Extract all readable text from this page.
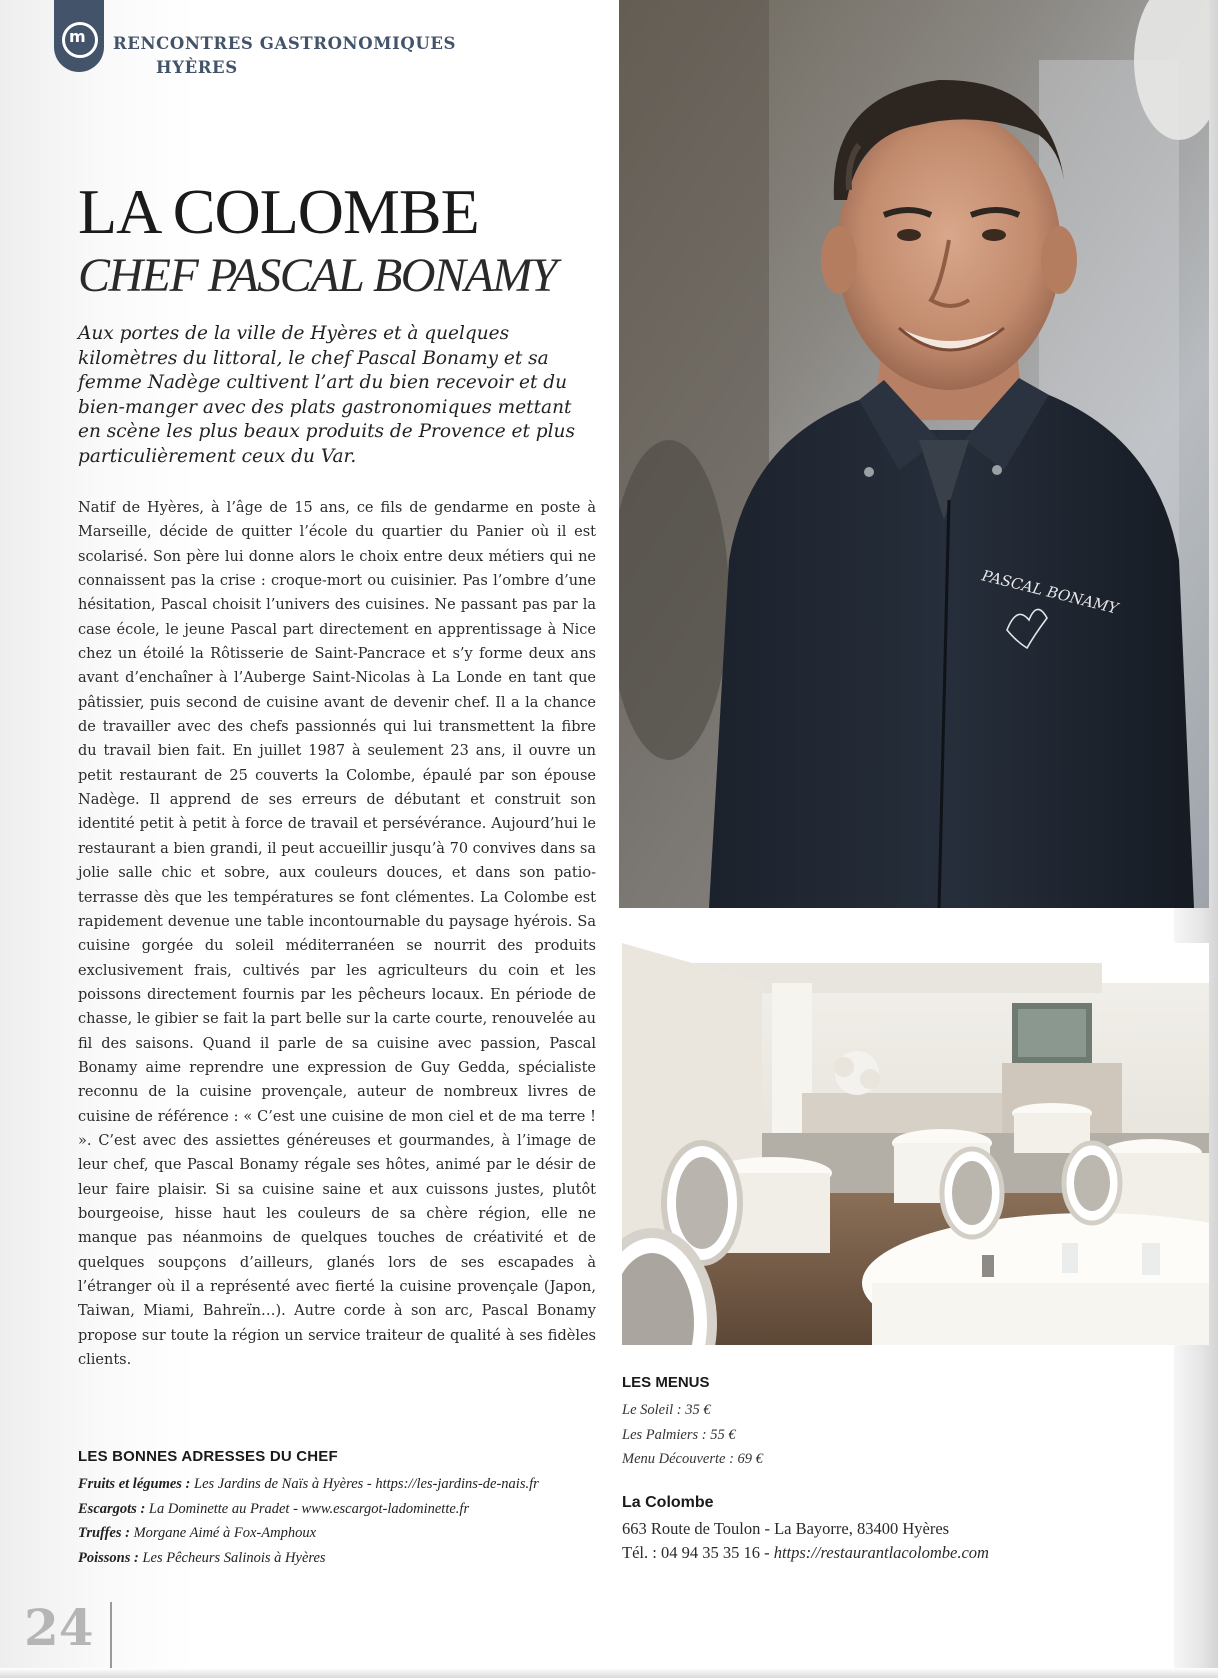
m RENCONTRES GASTRONOMIQUES
HYÈRES
LA COLOMBE
CHEF PASCAL BONAMY
Aux portes de la ville de Hyères et à quelques
kilomètres du littoral, le chef Pascal Bonamy et sa
femme Nadège cultivent l’art du bien recevoir et du
bien-manger avec des plats gastronomiques mettant
en scène les plus beaux produits de Provence et plus
particulièrement ceux du Var.
Natif de Hyères, à l’âge de 15 ans, ce fils de gendarme en poste à Marseille, décide de quitter l’école du quartier du Panier où il est scolarisé. Son père lui donne alors le choix entre deux métiers qui ne connaissent pas la crise : croque-mort ou cuisinier. Pas l’ombre d’une hésitation, Pascal choisit l’univers des cuisines. Ne passant pas par la case école, le jeune Pascal part directement en apprentissage à Nice chez un étoilé la Rôtisserie de Saint-Pancrace et s’y forme deux ans avant d’enchaîner à l’Auberge Saint-Nicolas à La Londe en tant que pâtissier, puis second de cuisine avant de devenir chef. Il a la chance de travailler avec des chefs passionnés qui lui transmettent la fibre du travail bien fait. En juillet 1987 à seulement 23 ans, il ouvre un petit restaurant de 25 couverts la Colombe, épaulé par son épouse Nadège. Il apprend de ses erreurs de débutant et construit son identité petit à petit à force de travail et persévérance. Aujourd’hui le restaurant a bien grandi, il peut accueillir jusqu’à 70 convives dans sa jolie salle chic et sobre, aux couleurs douces, et dans son patio-terrasse dès que les températures se font clémentes. La Colombe est rapidement devenue une table incontournable du paysage hyérois. Sa cuisine gorgée du soleil méditerranéen se nourrit des produits exclusivement frais, cultivés par les agriculteurs du coin et les poissons directement fournis par les pêcheurs locaux. En période de chasse, le gibier se fait la part belle sur la carte courte, renouvelée au fil des saisons. Quand il parle de sa cuisine avec passion, Pascal Bonamy aime reprendre une expression de Guy Gedda, spécialiste reconnu de la cuisine provençale, auteur de nombreux livres de cuisine de référence : « C’est une cuisine de mon ciel et de ma terre ! ». C’est avec des assiettes généreuses et gourmandes, à l’image de leur chef, que Pascal Bonamy régale ses hôtes, animé par le désir de leur faire plaisir. Si sa cuisine saine et aux cuissons justes, plutôt bourgeoise, hisse haut les couleurs de sa chère région, elle ne manque pas néanmoins de quelques touches de créativité et de quelques soupçons d’ailleurs, glanés lors de ses escapades à l’étranger où il a représenté avec fierté la cuisine provençale (Japon, Taiwan, Miami, Bahreïn…). Autre corde à son arc, Pascal Bonamy propose sur toute la région un service traiteur de qualité à ses fidèles clients.
LES BONNES ADRESSES DU CHEF
Fruits et légumes : Les Jardins de Naïs à Hyères - https://les-jardins-de-nais.fr
Escargots : La Dominette au Pradet - www.escargot-ladominette.fr
Truffes : Morgane Aimé à Fox-Amphoux
Poissons : Les Pêcheurs Salinois à Hyères
24
PASCAL BONAMY
LES MENUS
Le Soleil : 35 €
Les Palmiers : 55 €
Menu Découverte : 69 €
La Colombe
663 Route de Toulon - La Bayorre, 83400 Hyères
Tél. : 04 94 35 35 16 - https://restaurantlacolombe.com
